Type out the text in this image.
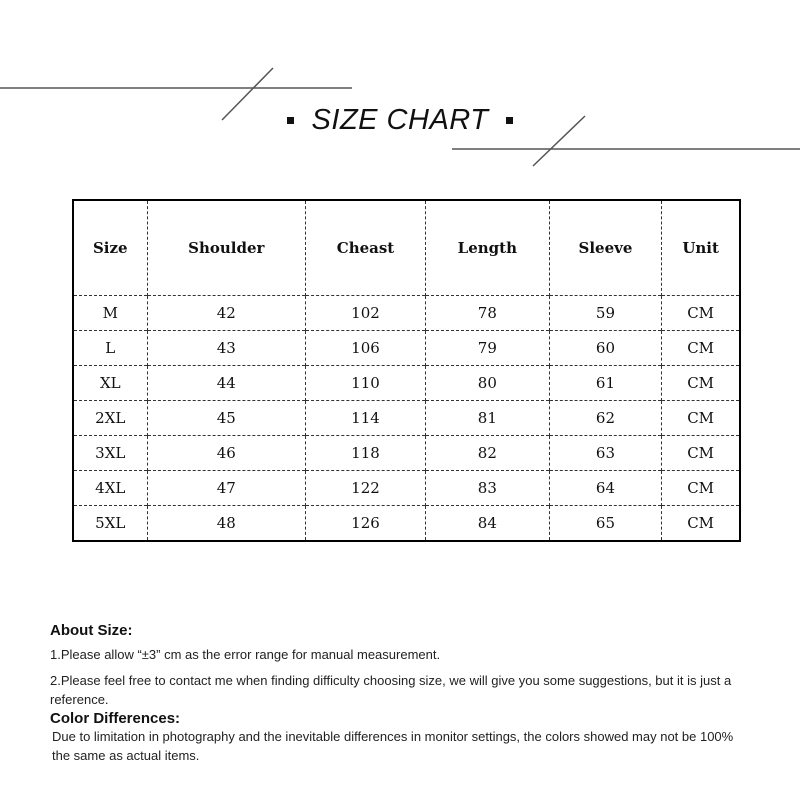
SIZE CHART
Size	Shoulder	Cheast	Length	Sleeve	Unit
M	42	102	78	59	CM
L	43	106	79	60	CM
XL	44	110	80	61	CM
2XL	45	114	81	62	CM
3XL	46	118	82	63	CM
4XL	47	122	83	64	CM
5XL	48	126	84	65	CM
About Size:

1.Please allow “±3” cm as the error range for manual measurement.

2.Please feel free to contact me when finding difficulty choosing size, we will give you some suggestions, but it is just a reference.

Color Differences:

Due to limitation in photography and the inevitable differences in monitor settings, the colors showed may not be 100% the same as actual items.
